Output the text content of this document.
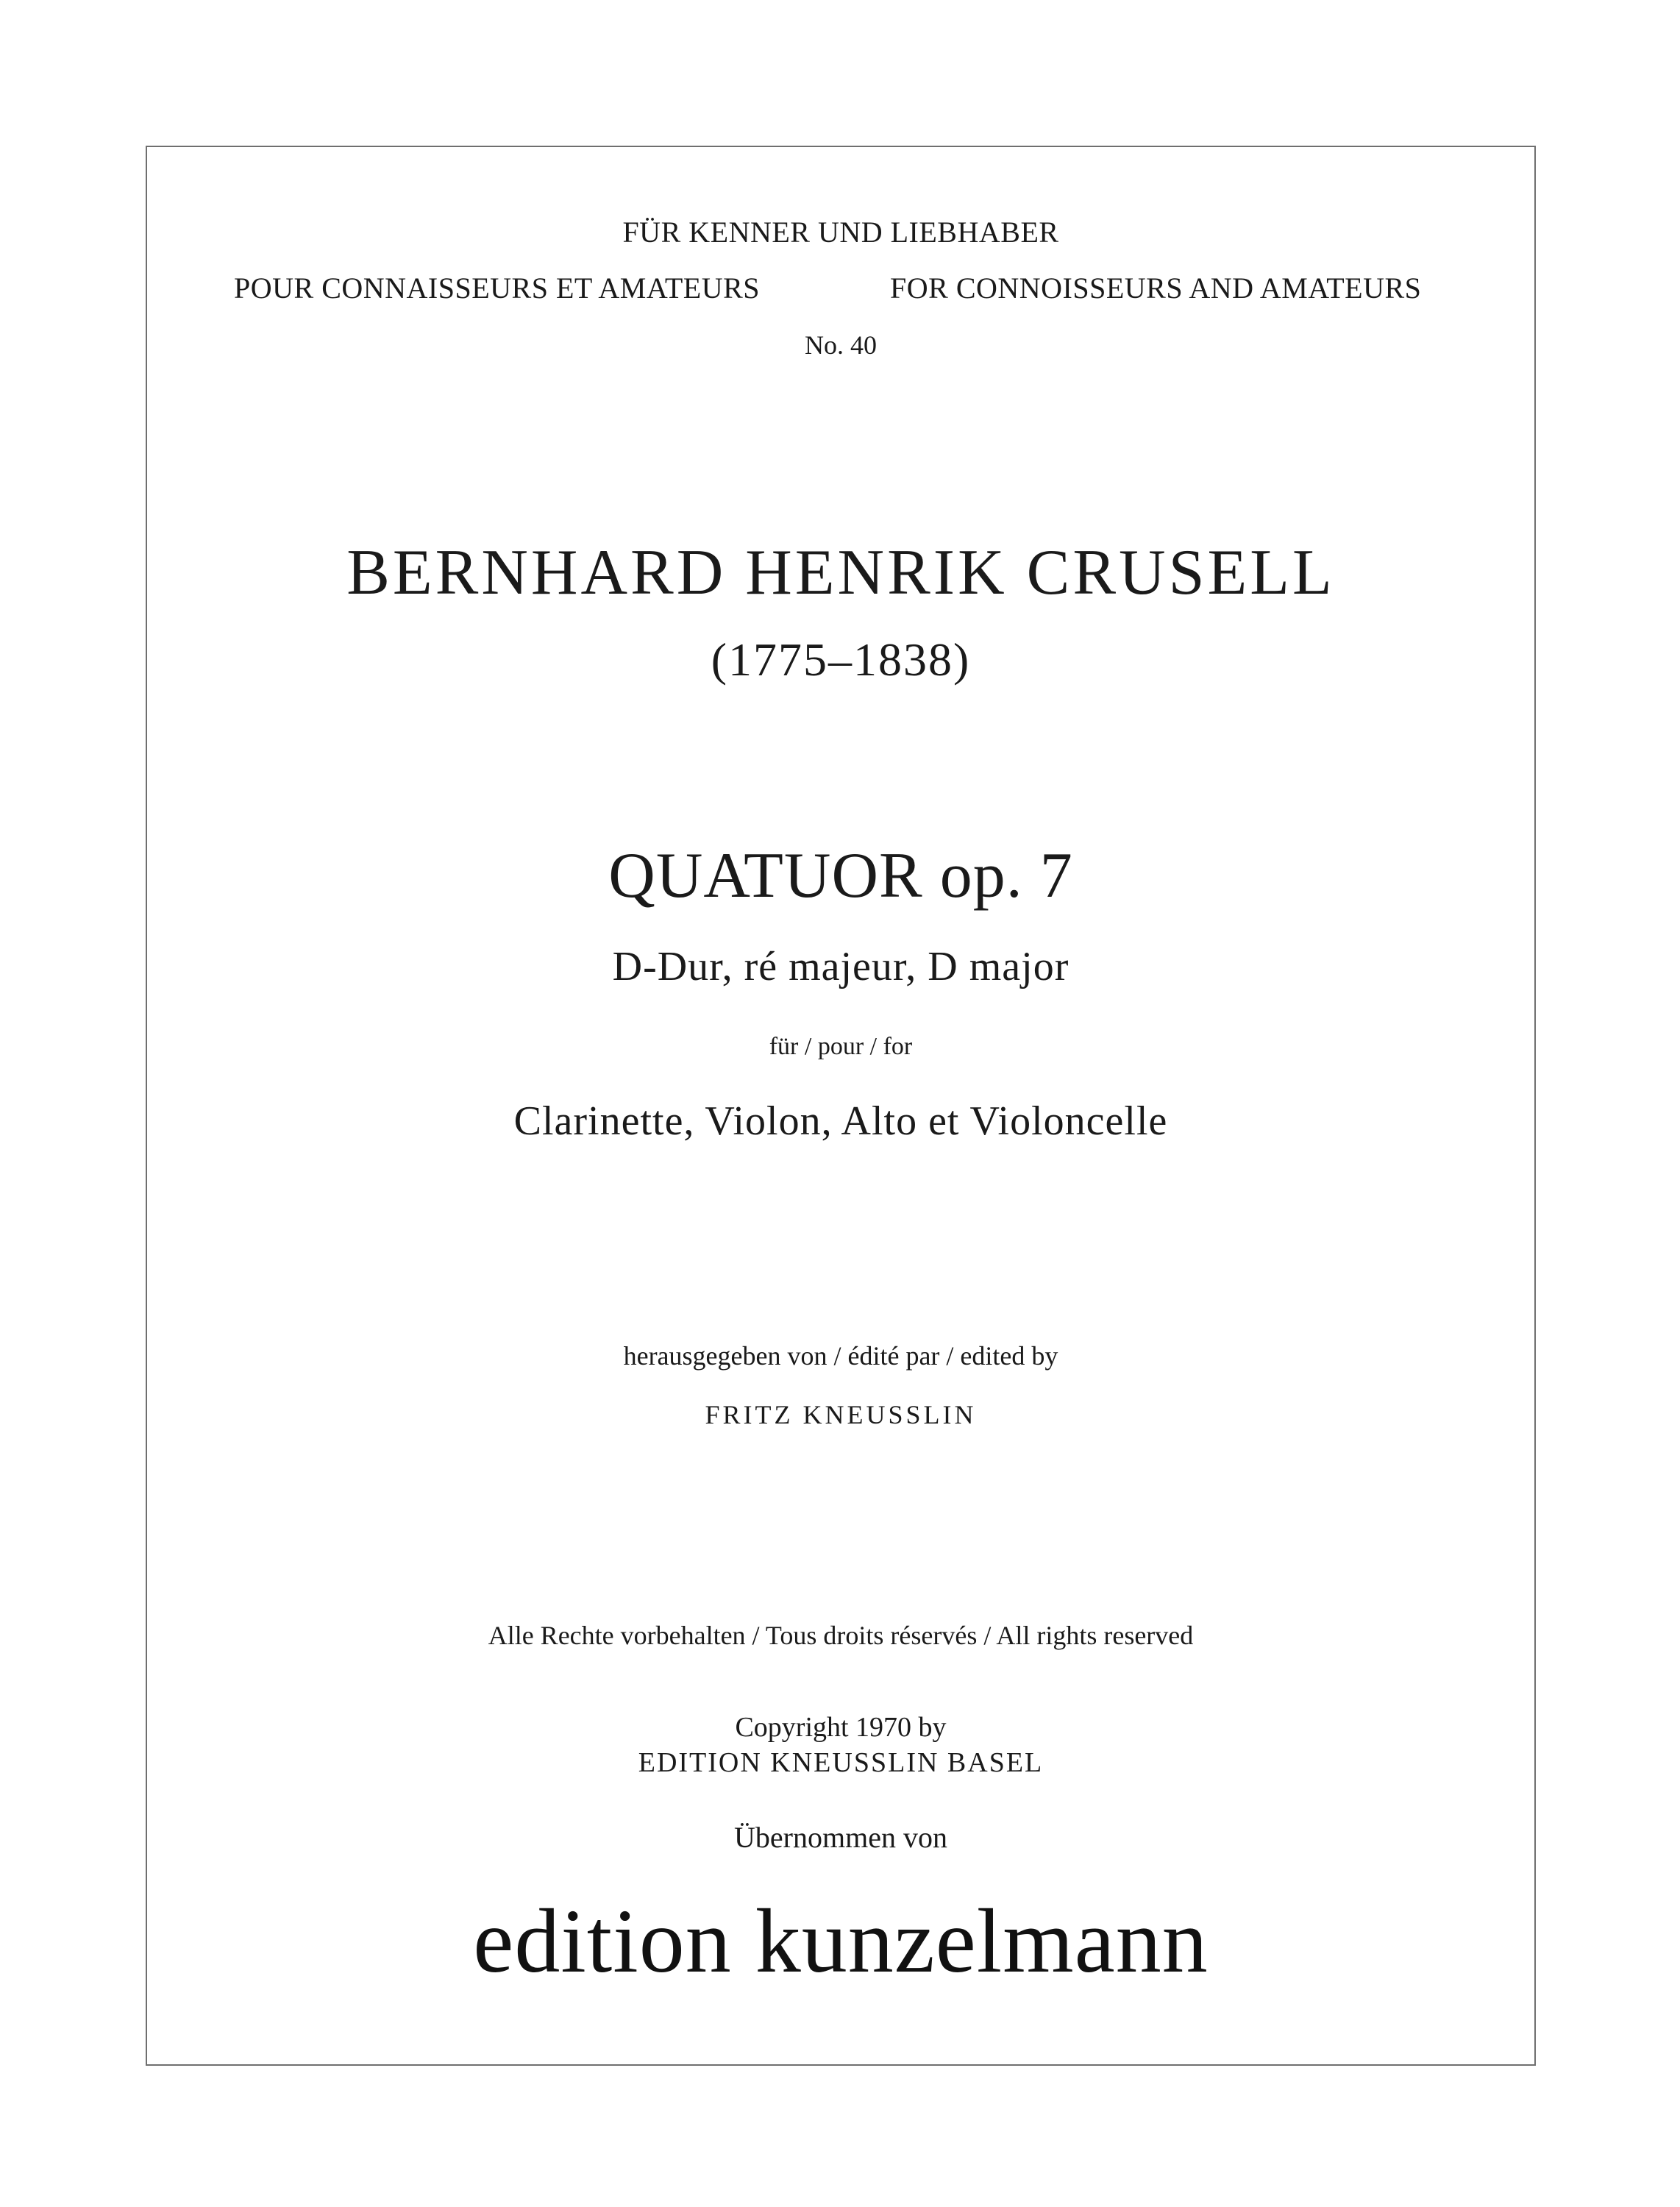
FÜR KENNER UND LIEBHABER
POUR CONNAISSEURS ET AMATEURS	FOR CONNOISSEURS AND AMATEURS
No. 40
BERNHARD HENRIK CRUSELL
(1775–1838)
QUATUOR op. 7
D-Dur, ré majeur, D major
für / pour / for
Clarinette, Violon, Alto et Violoncelle
herausgegeben von / édité par / edited by
FRITZ KNEUSSLIN
Alle Rechte vorbehalten / Tous droits réservés / All rights reserved
Copyright 1970 by
EDITION KNEUSSLIN BASEL
Übernommen von
edition kunzelmann
